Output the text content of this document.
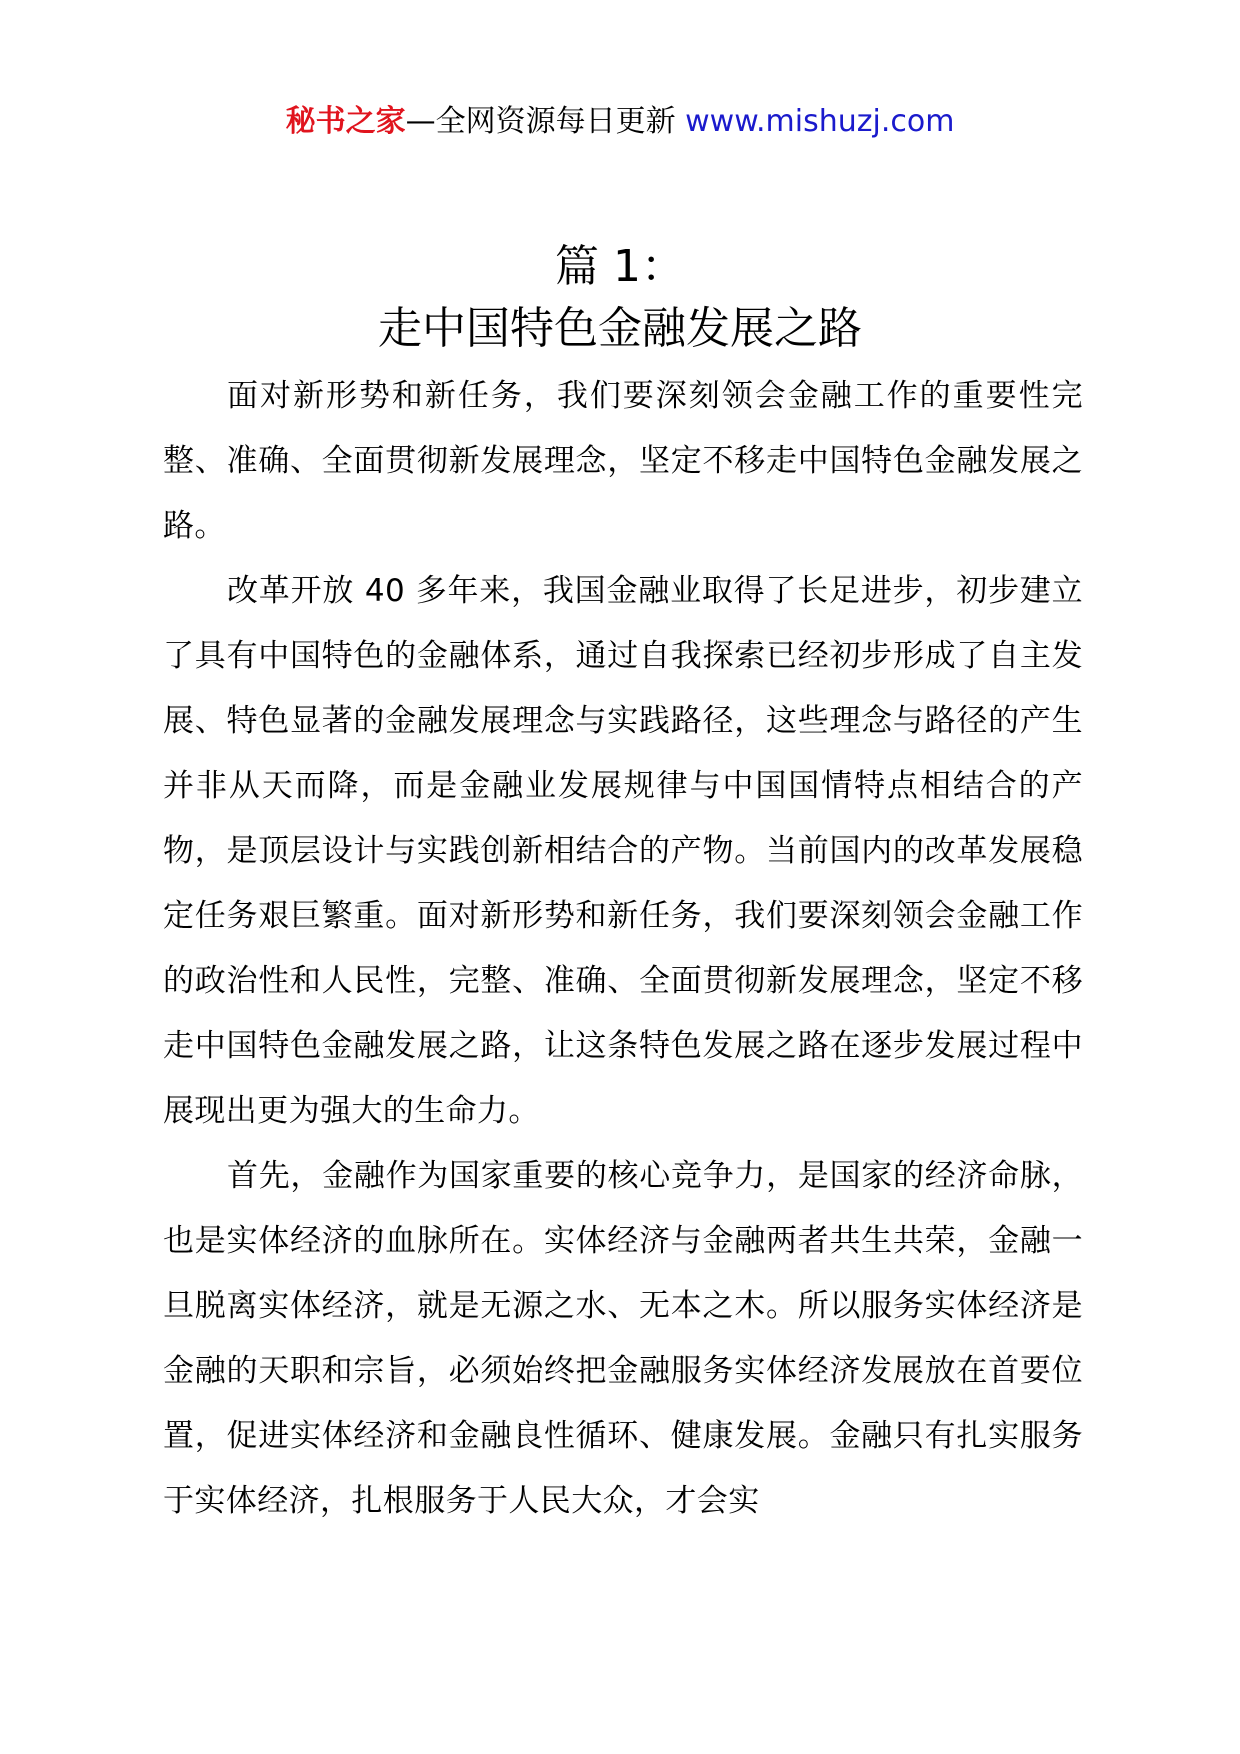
秘书之家—全网资源每日更新 www.mishuzj.com
篇 1：
走中国特色金融发展之路

面对新形势和新任务，我们要深刻领会金融工作的重要性完整、准确、全面贯彻新发展理念，坚定不移走中国特色金融发展之路。

改革开放 40 多年来，我国金融业取得了长足进步，初步建立了具有中国特色的金融体系，通过自我探索已经初步形成了自主发展、特色显著的金融发展理念与实践路径，这些理念与路径的产生并非从天而降，而是金融业发展规律与中国国情特点相结合的产物，是顶层设计与实践创新相结合的产物。当前国内的改革发展稳定任务艰巨繁重。面对新形势和新任务，我们要深刻领会金融工作的政治性和人民性，完整、准确、全面贯彻新发展理念，坚定不移走中国特色金融发展之路，让这条特色发展之路在逐步发展过程中展现出更为强大的生命力。

首先，金融作为国家重要的核心竞争力，是国家的经济命脉，也是实体经济的血脉所在。实体经济与金融两者共生共荣，金融一旦脱离实体经济，就是无源之水、无本之木。所以服务实体经济是金融的天职和宗旨，必须始终把金融服务实体经济发展放在首要位置，促进实体经济和金融良性循环、健康发展。金融只有扎实服务于实体经济，扎根服务于人民大众，才会实
